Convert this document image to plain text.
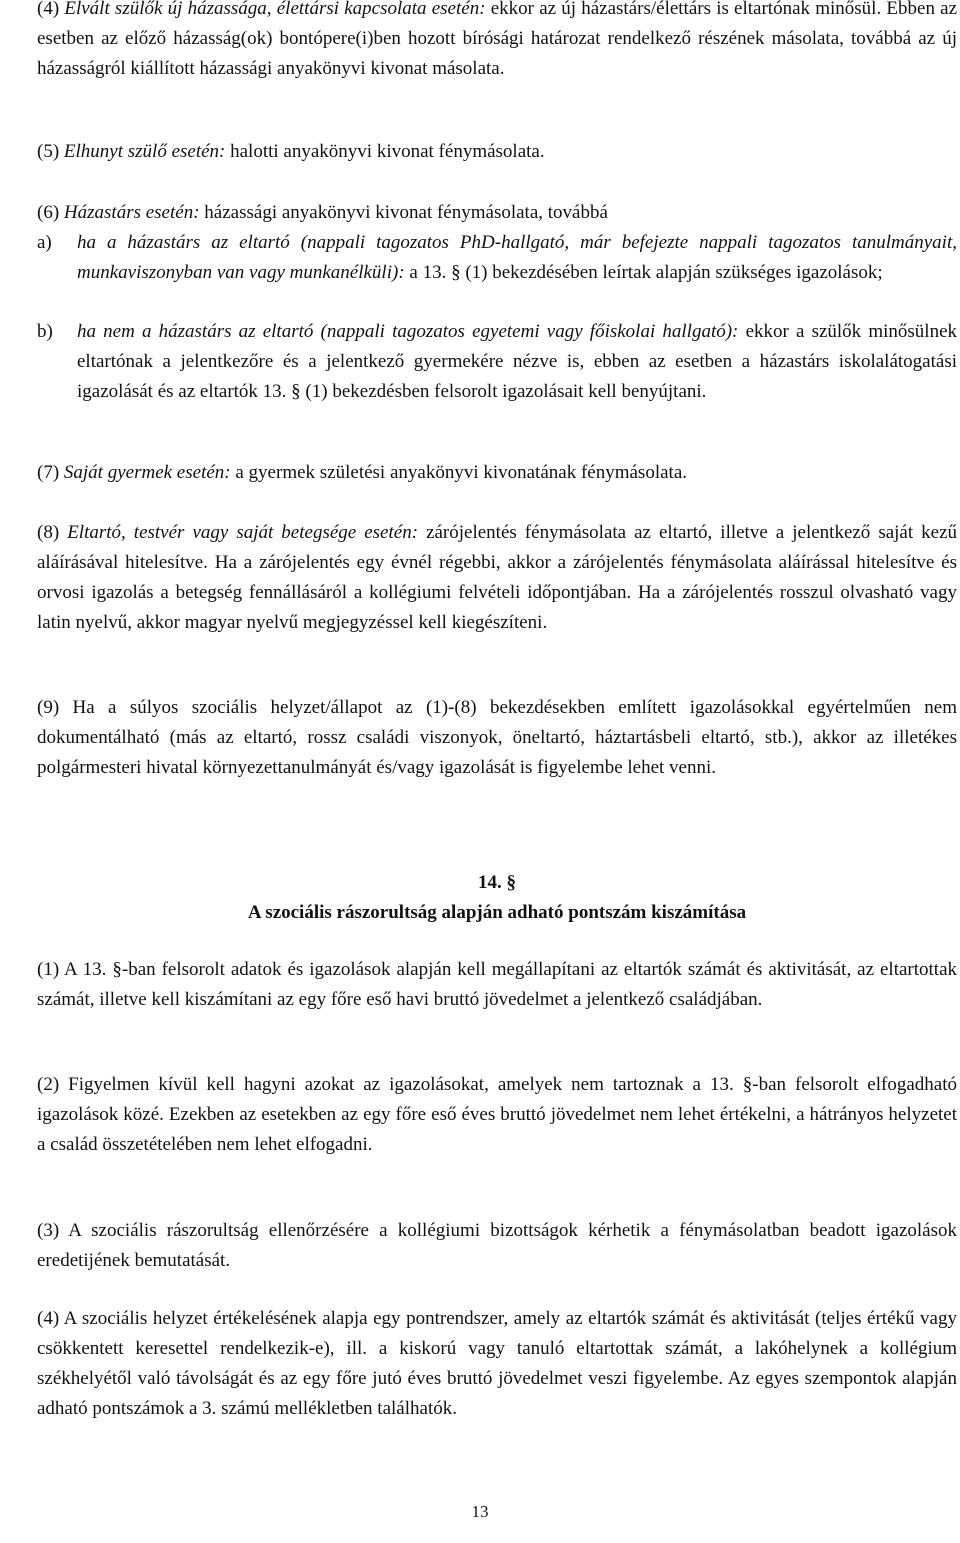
(4) Elvált szülők új házassága, élettársi kapcsolata esetén: ekkor az új házastárs/élettárs is eltartónak minősül. Ebben az esetben az előző házasság(ok) bontópere(i)ben hozott bírósági határozat rendelkező részének másolata, továbbá az új házasságról kiállított házassági anyakönyvi kivonat másolata.

(5) Elhunyt szülő esetén: halotti anyakönyvi kivonat fénymásolata.

(6) Házastárs esetén: házassági anyakönyvi kivonat fénymásolata, továbbá

a) ha a házastárs az eltartó (nappali tagozatos PhD-hallgató, már befejezte nappali tagozatos tanulmányait, munkaviszonyban van vagy munkanélküli): a 13. § (1) bekezdésében leírtak alapján szükséges igazolások;
b) ha nem a házastárs az eltartó (nappali tagozatos egyetemi vagy főiskolai hallgató): ekkor a szülők minősülnek eltartónak a jelentkezőre és a jelentkező gyermekére nézve is, ebben az esetben a házastárs iskolalátogatási igazolását és az eltartók 13. § (1) bekezdésben felsorolt igazolásait kell benyújtani.

(7) Saját gyermek esetén: a gyermek születési anyakönyvi kivonatának fénymásolata.

(8) Eltartó, testvér vagy saját betegsége esetén: zárójelentés fénymásolata az eltartó, illetve a jelentkező saját kezű aláírásával hitelesítve. Ha a zárójelentés egy évnél régebbi, akkor a zárójelentés fénymásolata aláírással hitelesítve és orvosi igazolás a betegség fennállásáról a kollégiumi felvételi időpontjában. Ha a zárójelentés rosszul olvasható vagy latin nyelvű, akkor magyar nyelvű megjegyzéssel kell kiegészíteni.

(9) Ha a súlyos szociális helyzet/állapot az (1)-(8) bekezdésekben említett igazolásokkal egyértelműen nem dokumentálható (más az eltartó, rossz családi viszonyok, öneltartó, háztartásbeli eltartó, stb.), akkor az illetékes polgármesteri hivatal környezettanulmányát és/vagy igazolását is figyelembe lehet venni.

14. §

A szociális rászorultság alapján adható pontszám kiszámítása

(1) A 13. §-ban felsorolt adatok és igazolások alapján kell megállapítani az eltartók számát és aktivitását, az eltartottak számát, illetve kell kiszámítani az egy főre eső havi bruttó jövedelmet a jelentkező családjában.

(2) Figyelmen kívül kell hagyni azokat az igazolásokat, amelyek nem tartoznak a 13. §-ban felsorolt elfogadható igazolások közé. Ezekben az esetekben az egy főre eső éves bruttó jövedelmet nem lehet értékelni, a hátrányos helyzetet a család összetételében nem lehet elfogadni.

(3) A szociális rászorultság ellenőrzésére a kollégiumi bizottságok kérhetik a fénymásolatban beadott igazolások eredetijének bemutatását.

(4) A szociális helyzet értékelésének alapja egy pontrendszer, amely az eltartók számát és aktivitását (teljes értékű vagy csökkentett keresettel rendelkezik-e), ill. a kiskorú vagy tanuló eltartottak számát, a lakóhelynek a kollégium székhelyétől való távolságát és az egy főre jutó éves bruttó jövedelmet veszi figyelembe. Az egyes szempontok alapján adható pontszámok a 3. számú mellékletben találhatók.

13
